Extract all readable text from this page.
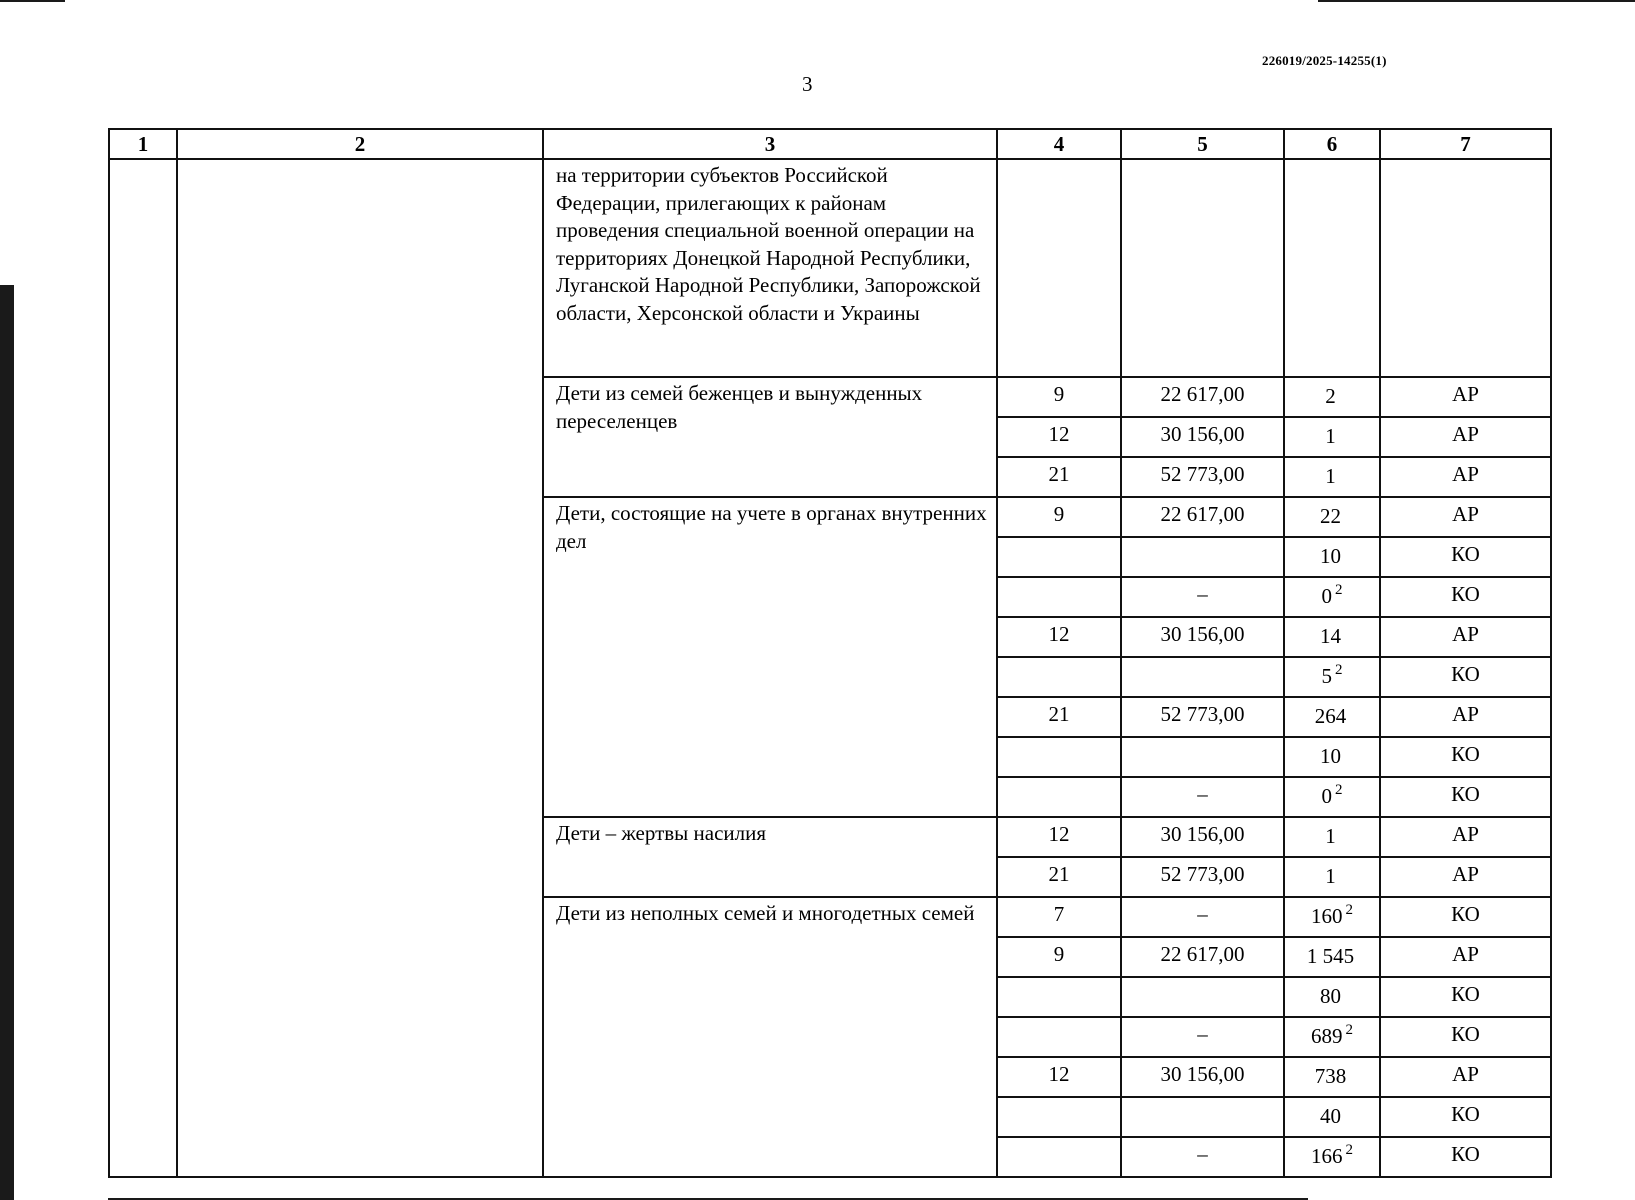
226019/2025-14255(1)
3
1	2	3	4	5	6	7
		на территории субъектов Российской Федерации, прилегающих к районам проведения специальной военной операции на территориях Донецкой Народной Республики, Луганской Народной Республики, Запорожской области, Херсонской области и Украины				
		Дети из семей беженцев и вынужденных переселенцев	9	22 617,00	2	АР
			12	30 156,00	1	АР
			21	52 773,00	1	АР
		Дети, состоящие на учете в органах внутренних дел	9	22 617,00	22	АР
					10	КО
				–	0 $^2$	КО
			12	30 156,00	14	АР
					5 $^2$	КО
			21	52 773,00	264	АР
					10	КО
				–	0 $^2$	КО
		Дети – жертвы насилия	12	30 156,00	1	АР
			21	52 773,00	1	АР
		Дети из неполных семей и многодетных семей	7	–	160 $^2$	КО
			9	22 617,00	1 545	АР
					80	КО
				–	689 $^2$	КО
			12	30 156,00	738	АР
					40	КО
				–	166 $^2$	КО
